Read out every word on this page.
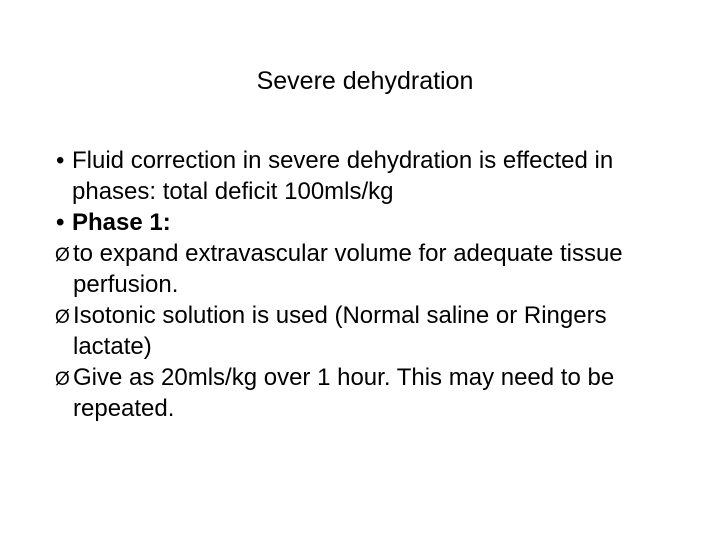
Severe dehydration

• Fluid correction in severe dehydration is effected in phases: total deficit 100mls/kg

• Phase 1:

Ø to expand extravascular volume for adequate tissue perfusion.

Ø Isotonic solution is used (Normal saline or Ringers lactate)

Ø Give as 20mls/kg over 1 hour. This may need to be repeated.
